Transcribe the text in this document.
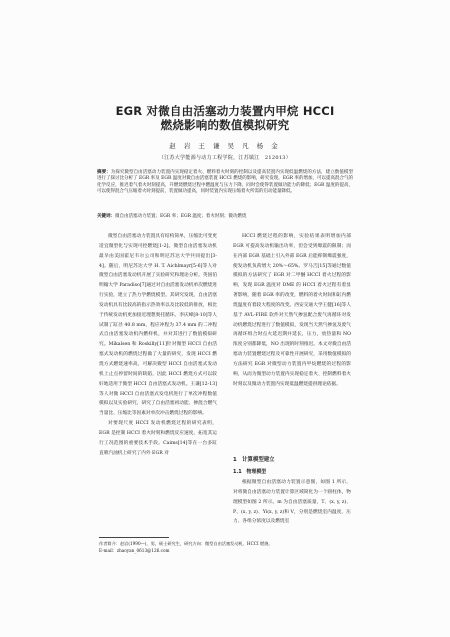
EGR 对微自由活塞动力装置内甲烷 HCCI
燃烧影响的数值模拟研究
赵 岩 王 谦 吴 凡 杨 金
（江苏大学能源与动力工程学院，江苏镇江　212013）
摘要：为探究微型自由活塞动力装置内实现稳定着火、燃料着火时刻的控制以及提高装置内实现低温燃烧的方法，建立数值模型进行了探讨比分析了 EGR 率及 EGR 温度对微自由活塞装置 HCCI 燃烧的影响，研究发现，EGR 率的增加，可以提高混合气的化学反应，推迟着气着火时刻提高，升燃烧燃烧过程中燃温度与压力下降，同时会使得装置做功能力的降低；EGR 温度的提高，可以使得混合气压缩着火时刻提前，装置做功提高，同时装置内实现压缩着火所需的启动能量降低。
关键词：微自由活塞动力装置；EGR 率；EGR 温度；着火时刻；微功燃烧

微型自由活塞动力装置具有结构简单，压缩比可变更适宜微型化与实现可控燃烧[1-2]。微型自由活塞发动机最早由美国霍尼韦尔公司和明尼苏达大学共同提出[3-4]。随后，明尼苏达大学 H. T. Aichlmayr[5-6]等人对微型自由活塞发动机开展了实验研究和理论分析。英国伯明翰大学 Paradiso[7]通过对自由活塞发动机单次燃烧进行实验，建立了热力学燃烧模型。其研究发现，自由活塞发动机具有比较高的指示热效率以及比较低的排放，相比于传统发动机更加接近理想奥托循环。李庆峰[8-10]等人试制了缸径 40.8 mm，程应冲程为 37.4 mm 的二冲程式自由活塞发动机内燃样机，并对其进行了数值模拟研究。Mikalsen 和 Roskilly[11]针对微型 HCCI 自由活塞式发动机的燃烧过程做了大量的研究，发现 HCCI 燃烧方式燃烧速率高，可解决微型 HCCI 自由活塞式发动机上止点停留时间的缺陷，因此 HCCI 燃烧方式可以较好地适用于微型 HCCI 自由活塞式发动机。王谦[12-13]等人对微 HCCI 自由活塞式发电机进行了单次冲程数值模拟以及实验研究，研究了自由活塞初动能、掺混合燃气当量比、压缩比等因素对单次冲击燃烧过程的影响。

对要现尺度 HCCI 发动机燃烧过程的研究表明，EGR 是控制 HCCI 着火时刻和燃烧反应速度，拓宽其运行工况范围的重要技术手段。Caims[14]等在一台多缸直喷汽油机上研究了内外 EGR 对

HCCI 燃烧过程的影响，实验结果表明增加内部 EGR 可提高发动机输出功率，但会受到爆震的限制；而在内部 EGR 基础上引入外部 EGR 后能抑制爆震强度，使发动机负荷增大 20%～65%。罗马吉[15]等通过数值模拟的方法研究了 EGR 对二甲醚 HCCI 着火过程的影响，发现 EGR 温度对 DME 的 HCCI 着火过程有着显著影响，随着 EGR 率的改变，燃料的着火时间和缸内燃烧温度有着较大程度的改变。西安交通大学王健[16]等人基于 AVL-FIRE 软件对天然气掺氢配合废气再循环对发动机燃烧过程进行了数值模拟，发现当天然气掺氢及废气再循环组合时点火延迟期并延长，压力，放热量和 NO 浓度分别都降低，NO 出现的时刻推迟。本文对微自由活塞动力装置燃烧过程及可靠性开展研究，采用数值模拟的方法研究 EGR 对微型动力装置内甲烷燃烧的过程的影响，从而为微型动力装置内实现稳定着火、控制燃料着火时刻以及微动力装置内实现低温燃烧提供理论依据。

1　计算模型建立
1.1　物理模型

根据微型自由活塞动力装置示意图，如图 1 所示，对将微自由活塞动力装置计算区域简化为一个圆柱体，物理模型如图 2 所示。m 为自由活塞质量，T、(x, y, z)、P、(x, y, z)、Yi(x, y, z)和 V，分别是燃烧室内温度、压力、各组分浓度以及燃烧室

作者简介：赵岩(1990—)，男，硕士研究生，研究方向：微型自由活塞发动机、HCCI 燃烧。
E-mail：zhaoyan_0613@126.com
